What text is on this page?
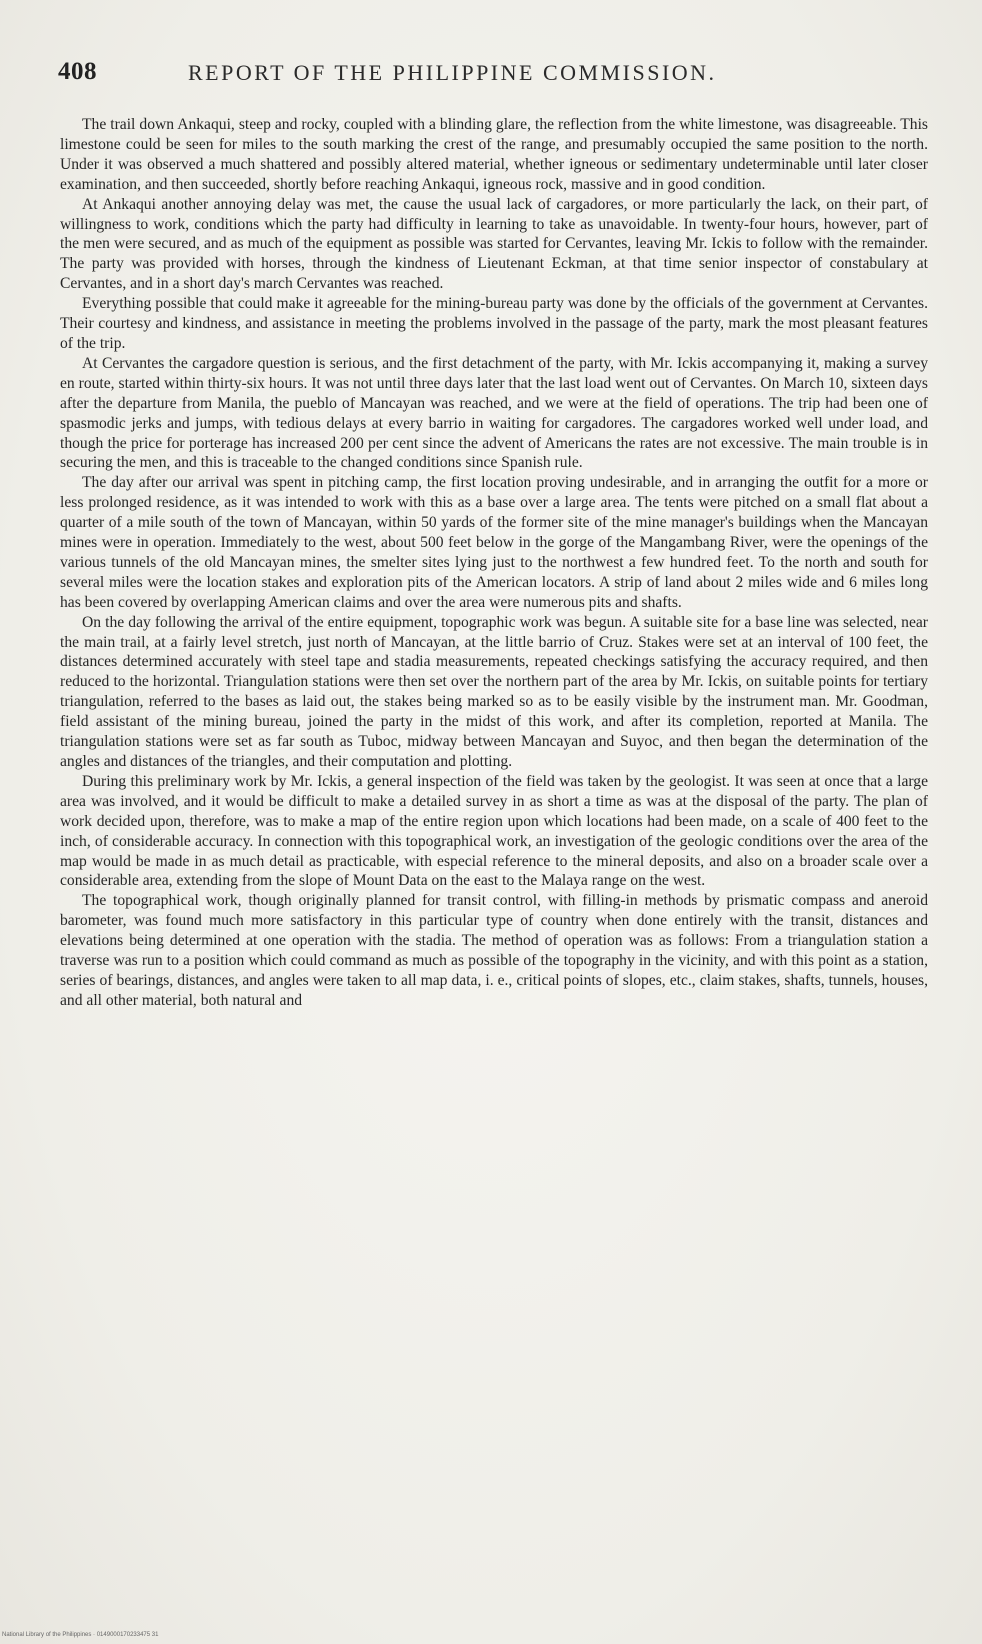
408	REPORT OF THE PHILIPPINE COMMISSION.

The trail down Ankaqui, steep and rocky, coupled with a blinding glare, the reflection from the white limestone, was disagreeable. This limestone could be seen for miles to the south marking the crest of the range, and presumably occupied the same position to the north. Under it was observed a much shattered and possibly altered material, whether igneous or sedimentary undeterminable until later closer examination, and then succeeded, shortly before reaching Ankaqui, igneous rock, massive and in good condition.

At Ankaqui another annoying delay was met, the cause the usual lack of cargadores, or more particularly the lack, on their part, of willingness to work, conditions which the party had difficulty in learning to take as unavoidable. In twenty-four hours, however, part of the men were secured, and as much of the equipment as possible was started for Cervantes, leaving Mr. Ickis to follow with the remainder. The party was provided with horses, through the kindness of Lieutenant Eckman, at that time senior inspector of constabulary at Cervantes, and in a short day's march Cervantes was reached.

Everything possible that could make it agreeable for the mining-bureau party was done by the officials of the government at Cervantes. Their courtesy and kindness, and assistance in meeting the problems involved in the passage of the party, mark the most pleasant features of the trip.

At Cervantes the cargadore question is serious, and the first detachment of the party, with Mr. Ickis accompanying it, making a survey en route, started within thirty-six hours. It was not until three days later that the last load went out of Cervantes. On March 10, sixteen days after the departure from Manila, the pueblo of Mancayan was reached, and we were at the field of operations. The trip had been one of spasmodic jerks and jumps, with tedious delays at every barrio in waiting for cargadores. The cargadores worked well under load, and though the price for porterage has increased 200 per cent since the advent of Americans the rates are not excessive. The main trouble is in securing the men, and this is traceable to the changed conditions since Spanish rule.

The day after our arrival was spent in pitching camp, the first location proving undesirable, and in arranging the outfit for a more or less prolonged residence, as it was intended to work with this as a base over a large area. The tents were pitched on a small flat about a quarter of a mile south of the town of Mancayan, within 50 yards of the former site of the mine manager's buildings when the Mancayan mines were in operation. Immediately to the west, about 500 feet below in the gorge of the Mangambang River, were the openings of the various tunnels of the old Mancayan mines, the smelter sites lying just to the northwest a few hundred feet. To the north and south for several miles were the location stakes and exploration pits of the American locators. A strip of land about 2 miles wide and 6 miles long has been covered by overlapping American claims and over the area were numerous pits and shafts.

On the day following the arrival of the entire equipment, topographic work was begun. A suitable site for a base line was selected, near the main trail, at a fairly level stretch, just north of Mancayan, at the little barrio of Cruz. Stakes were set at an interval of 100 feet, the distances determined accurately with steel tape and stadia measurements, repeated checkings satisfying the accuracy required, and then reduced to the horizontal. Triangulation stations were then set over the northern part of the area by Mr. Ickis, on suitable points for tertiary triangulation, referred to the bases as laid out, the stakes being marked so as to be easily visible by the instrument man. Mr. Goodman, field assistant of the mining bureau, joined the party in the midst of this work, and after its completion, reported at Manila. The triangulation stations were set as far south as Tuboc, midway between Mancayan and Suyoc, and then began the determination of the angles and distances of the triangles, and their computation and plotting.

During this preliminary work by Mr. Ickis, a general inspection of the field was taken by the geologist. It was seen at once that a large area was involved, and it would be difficult to make a detailed survey in as short a time as was at the disposal of the party. The plan of work decided upon, therefore, was to make a map of the entire region upon which locations had been made, on a scale of 400 feet to the inch, of considerable accuracy. In connection with this topographical work, an investigation of the geologic conditions over the area of the map would be made in as much detail as practicable, with especial reference to the mineral deposits, and also on a broader scale over a considerable area, extending from the slope of Mount Data on the east to the Malaya range on the west.

The topographical work, though originally planned for transit control, with filling-in methods by prismatic compass and aneroid barometer, was found much more satisfactory in this particular type of country when done entirely with the transit, distances and elevations being determined at one operation with the stadia. The method of operation was as follows: From a triangulation station a traverse was run to a position which could command as much as possible of the topography in the vicinity, and with this point as a station, series of bearings, distances, and angles were taken to all map data, i. e., critical points of slopes, etc., claim stakes, shafts, tunnels, houses, and all other material, both natural and

National Library of the Philippines · 0149000170233475 31
